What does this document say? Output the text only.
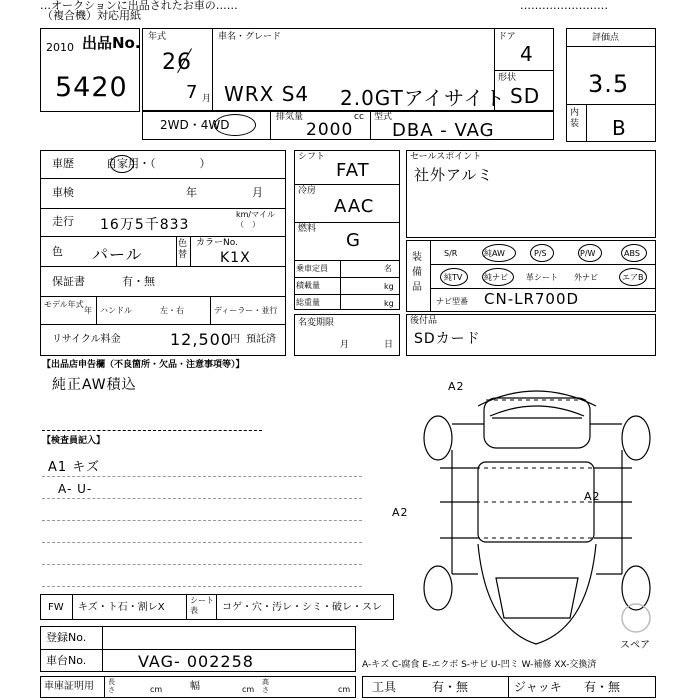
…オークションに出品されたお車の……	……………………
（複合機）対応用紙
出品No.
2010
5420
年式
26
7 月
車名・グレード
WRX S4 2.0GTアイサイト
ドア
4
形状
SD
2WD・4WD
排気量
2000
cc 型式
DBA - VAG
評価点
3.5
内装 B
車歴	自家用・（　　　　）
車検	年	月
走行 16万5千833
km/マイル（　）
色 パール
色替
カラーNo.
K1X
保証書	有・無
モデル年式
年 ハンドル	左・右	ディーラー・並行
リサイクル料金	12,500
円 預託済
シフト
FAT
冷房
AAC
燃料
G
乗車定員	名
積載量	kg
総重量	kg
名変期限
月	日
セールスポイント
社外アルミ
装備品
S/R	純AW	P/S	P/W	ABS
純TV	純ナビ 革シート 外ナビ	エアB
ナビ型番 CN-LR700D
後付品
SDカード
【出品店申告欄（不良箇所・欠品・注意事項等）】
純正AW積込
【検査員記入】
A1 キズ
A- U-
A2
A2
A2
スペア
FW キズ・ト石・割レX
シート表	コゲ・穴・汚レ・シミ・破レ・スレ
登録No.
車台No.	VAG- 002258
車庫証明用 長さ	cm	幅	cm
高さ	cm
A-キズ C-腐食 E-エクボ S-サビ U-凹ミ W-補修 XX-交換済
工具	有・無	ジャッキ 有・無
